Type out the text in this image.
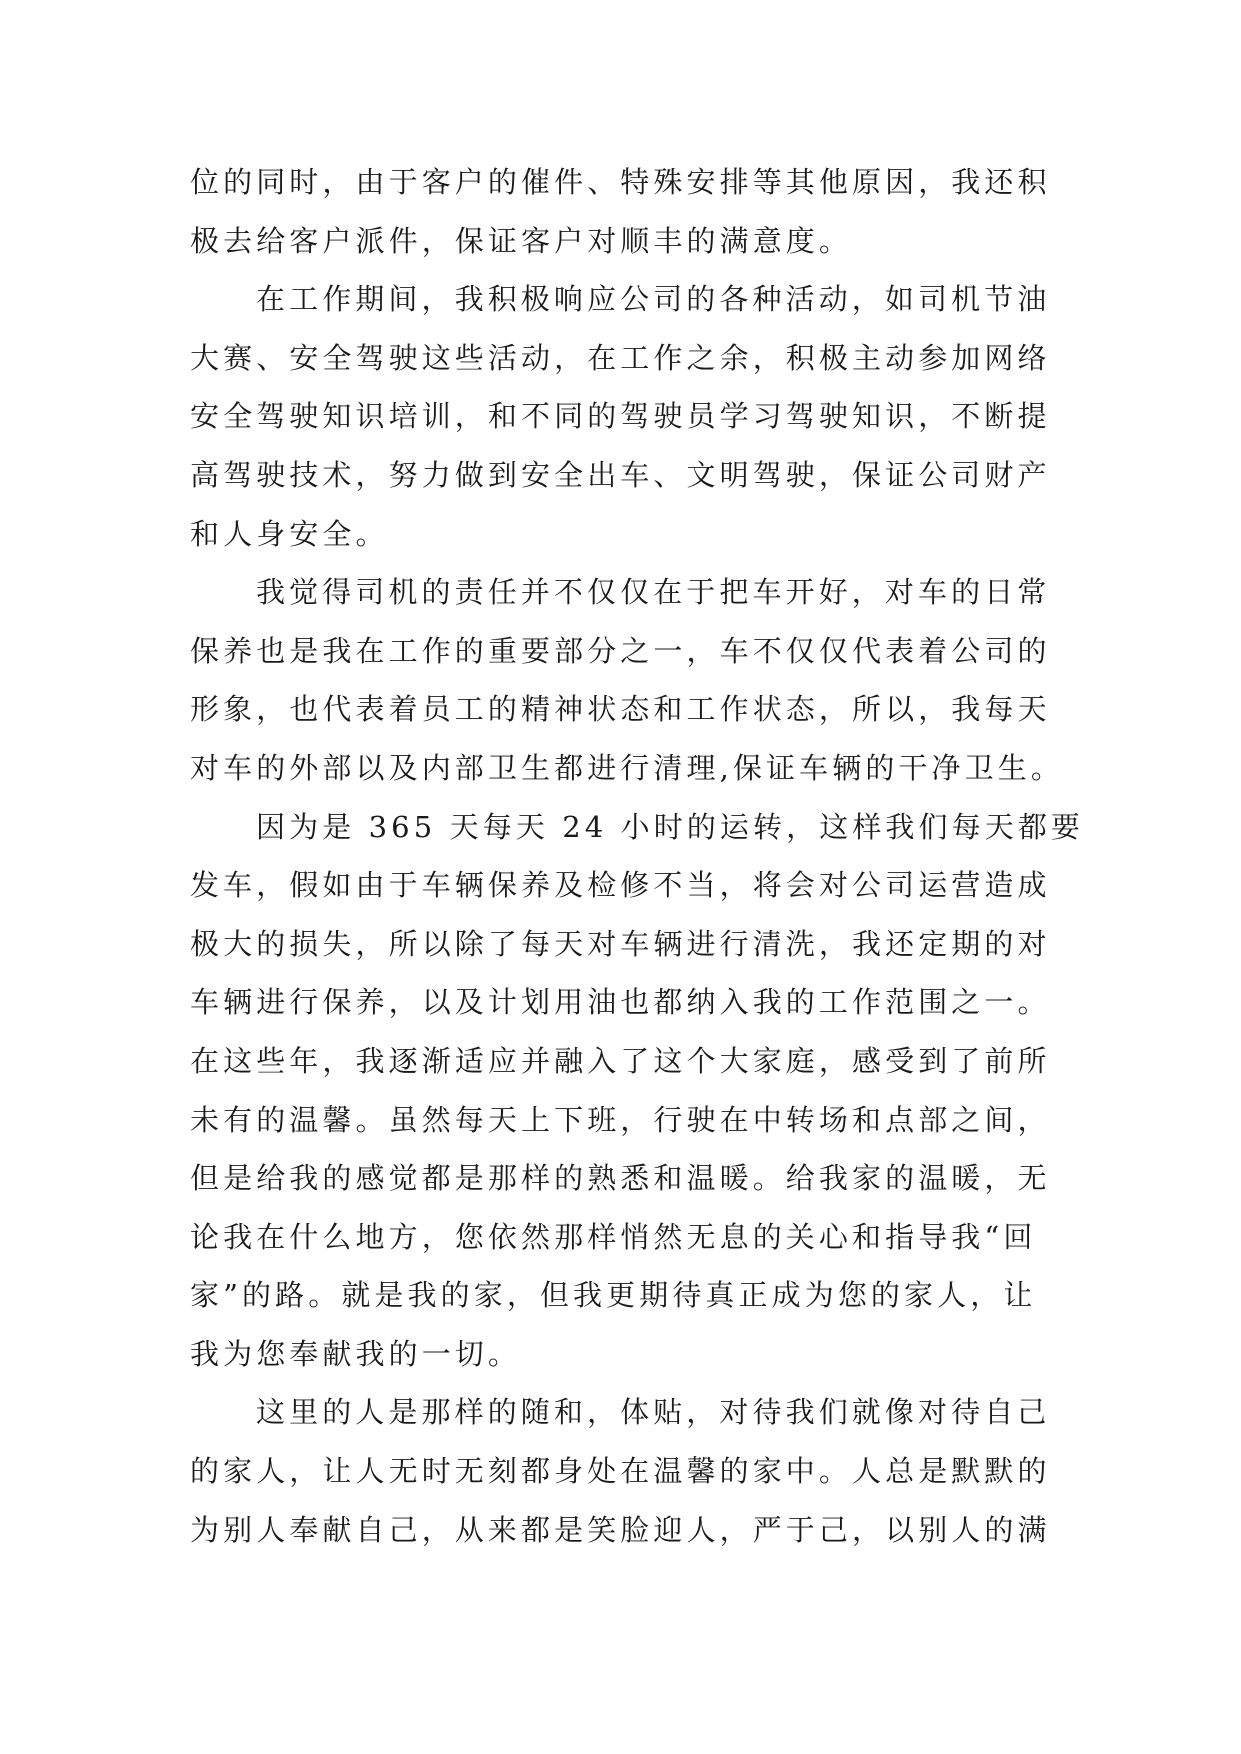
位的同时，由于客户的催件、特殊安排等其他原因，我还积
极去给客户派件，保证客户对顺丰的满意度。
在工作期间，我积极响应公司的各种活动，如司机节油
大赛、安全驾驶这些活动，在工作之余，积极主动参加网络
安全驾驶知识培训，和不同的驾驶员学习驾驶知识，不断提
高驾驶技术，努力做到安全出车、文明驾驶，保证公司财产
和人身安全。
我觉得司机的责任并不仅仅在于把车开好，对车的日常
保养也是我在工作的重要部分之一，车不仅仅代表着公司的
形象，也代表着员工的精神状态和工作状态，所以，我每天
对车的外部以及内部卫生都进行清理,保证车辆的干净卫生。
因为是 365 天每天 24 小时的运转，这样我们每天都要
发车，假如由于车辆保养及检修不当，将会对公司运营造成
极大的损失，所以除了每天对车辆进行清洗，我还定期的对
车辆进行保养，以及计划用油也都纳入我的工作范围之一。
在这些年，我逐渐适应并融入了这个大家庭，感受到了前所
未有的温馨。虽然每天上下班，行驶在中转场和点部之间，
但是给我的感觉都是那样的熟悉和温暖。给我家的温暖，无
论我在什么地方，您依然那样悄然无息的关心和指导我“回
家”的路。就是我的家，但我更期待真正成为您的家人，让
我为您奉献我的一切。
这里的人是那样的随和，体贴，对待我们就像对待自己
的家人，让人无时无刻都身处在温馨的家中。人总是默默的
为别人奉献自己，从来都是笑脸迎人，严于己，以别人的满
